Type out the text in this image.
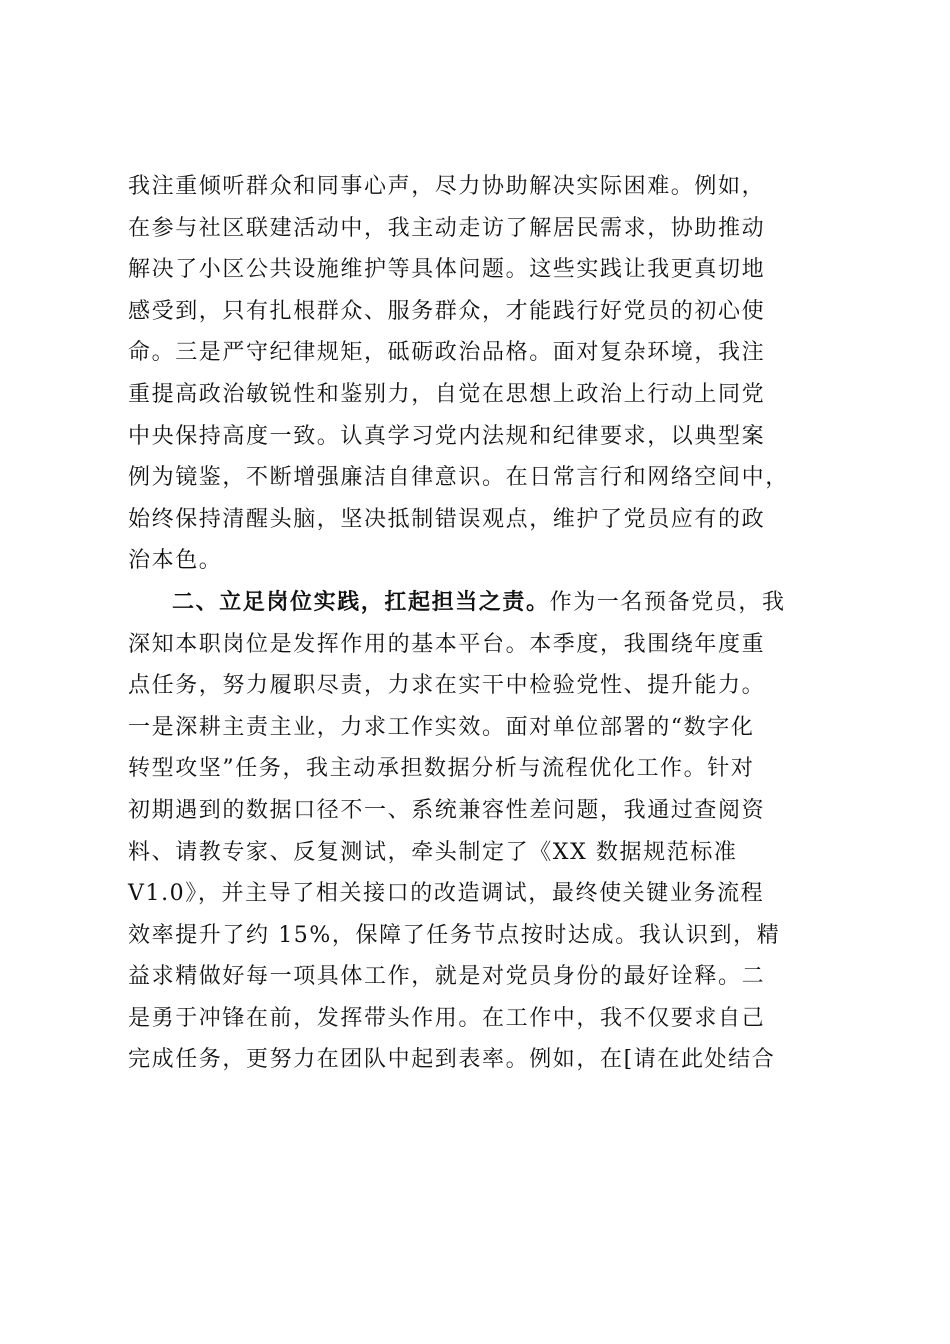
我注重倾听群众和同事心声，尽力协助解决实际困难。例如，
在参与社区联建活动中，我主动走访了解居民需求，协助推动
解决了小区公共设施维护等具体问题。这些实践让我更真切地
感受到，只有扎根群众、服务群众，才能践行好党员的初心使
命。三是严守纪律规矩，砥砺政治品格。面对复杂环境，我注
重提高政治敏锐性和鉴别力，自觉在思想上政治上行动上同党
中央保持高度一致。认真学习党内法规和纪律要求，以典型案
例为镜鉴，不断增强廉洁自律意识。在日常言行和网络空间中，
始终保持清醒头脑，坚决抵制错误观点，维护了党员应有的政
治本色。
二、立足岗位实践，扛起担当之责。作为一名预备党员，我
深知本职岗位是发挥作用的基本平台。本季度，我围绕年度重
点任务，努力履职尽责，力求在实干中检验党性、提升能力。
一是深耕主责主业，力求工作实效。面对单位部署的“数字化
转型攻坚”任务，我主动承担数据分析与流程优化工作。针对
初期遇到的数据口径不一、系统兼容性差问题，我通过查阅资
料、请教专家、反复测试，牵头制定了《XX 数据规范标准
V1.0》，并主导了相关接口的改造调试，最终使关键业务流程
效率提升了约 15%，保障了任务节点按时达成。我认识到，精
益求精做好每一项具体工作，就是对党员身份的最好诠释。二
是勇于冲锋在前，发挥带头作用。在工作中，我不仅要求自己
完成任务，更努力在团队中起到表率。例如，在[请在此处结合
